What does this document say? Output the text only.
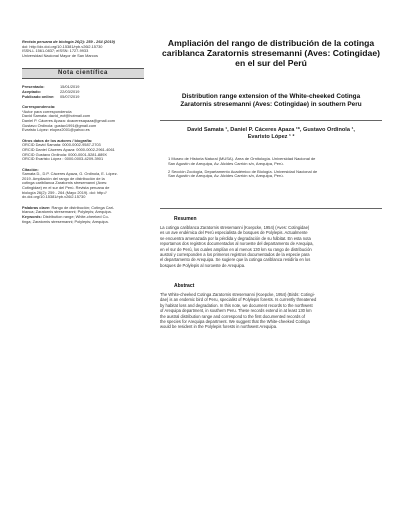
Revista peruana de biología 26(2): 259 - 264 (2019)
doi: http://dx.doi.org/10.15381/rpb.v26i2.15730
ISSN-L 1561-0837; eISSN: 1727-9933
Universidad Nacional Mayor de San Marcos
Nota científica
Presentado:	15/01/2019
Aceptado:	22/03/2019
Publicado online:	05/07/2019
Correspondencia:
*Autor para correspondencia
David Samata: david_ecf@hotmail.com
Daniel P. Cáceres Apaza: dcaceresapaza@gmail.com
Gustavo Ordinola: gustav1991@gmail.com
Evaristo López: elopez2001@yahoo.es
Otros datos de los autores / biografía:
ORCID David Samata: 0000-0002-9587-2703
ORCID Daniel Cáceres Apaza: 0000-0002-2961-4061
ORCID Gustavo Ordinola: 0000-0001-5281-889X
ORCID Evaristo López : 0000-0003-4209-3901
Citación:
Samata D., D.P. Cáceres Apaza, G. Ordinola, E. López.
2019. Ampliación del rango de distribución de la
cotinga caribllanca Zaratornis stresemanni (Aves:
Cotingidae) en el sur del Perú. Revista peruana de
biología 26(2): 259 - 264 (Mayo 2019). doi: http://
dx.doi.org/10.15381/rpb.v26i2.15730
Palabras clave: Rango de distribución; Cotinga Cari-
blanca; Zaratornis stresemanni; Polylepis; Arequipa.
Keywords: Distribution range; White-cheeked Co-
tinga; Zaratornis stresemanni; Polylepis; Arequipa.
Ampliación del rango de distribución de la cotinga
cariblanca Zaratornis stresemanni (Aves: Cotingidae)
en el sur del Perú
Distribution range extension of the White-cheeked Cotinga
Zaratornis stresemanni (Aves: Cotingidae) in southern Peru
David Samata ¹, Daniel P. Cáceres Apaza ¹*, Gustavo Ordinola ¹,
Evaristo López ¹ ²
1 Museo de Historia Natural (MUSA). Área de Ornitología. Universidad Nacional de
San Agustín de Arequipa, Av. Alcides Carrión s/n, Arequipa, Perú.
2 Sección Zoología, Departamento Académico de Biología. Universidad Nacional de
San Agustín de Arequipa, Av. Alcides Carrión s/n, Arequipa, Perú.
Resumen
La cotinga cariblanca Zaratornis stresemanni (Koepcke, 1954) (Aves: Cotingidae)
es un ave endémica del Perú especialista de bosques de Polylepis. Actualmente
se encuentra amenazada por la pérdida y degradación de su hábitat. En esta nota
reportamos dos registros documentados al noroeste del departamento de Arequipa,
en el sur de Perú, los cuales amplían en al menos 130 km su rango de distribución
austral y corresponden a los primeros registros documentados de la especie para
el departamento de Arequipa. Se sugiere que la cotinga cariblanca residiría en los
bosques de Polylepis al noroeste de Arequipa.
Abstract
The White-cheeked Cotinga Zaratornis stresemanni (Koepcke, 1954) (Birds: Cotingi-
dae) is an endemic bird of Peru, specialist of Polylepis forests. Is currently threatened
by habitat loss and degradation. In this note, we document records to the northwest
of Arequipa department, in southern Peru. These records extend in at least 130 km
the austral distribution range and correspond to the first documented records of
the species for Arequipa department. We suggest that the White-cheeked Cotinga
would be resident in the Polylepis forests in northwest Arequipa.
